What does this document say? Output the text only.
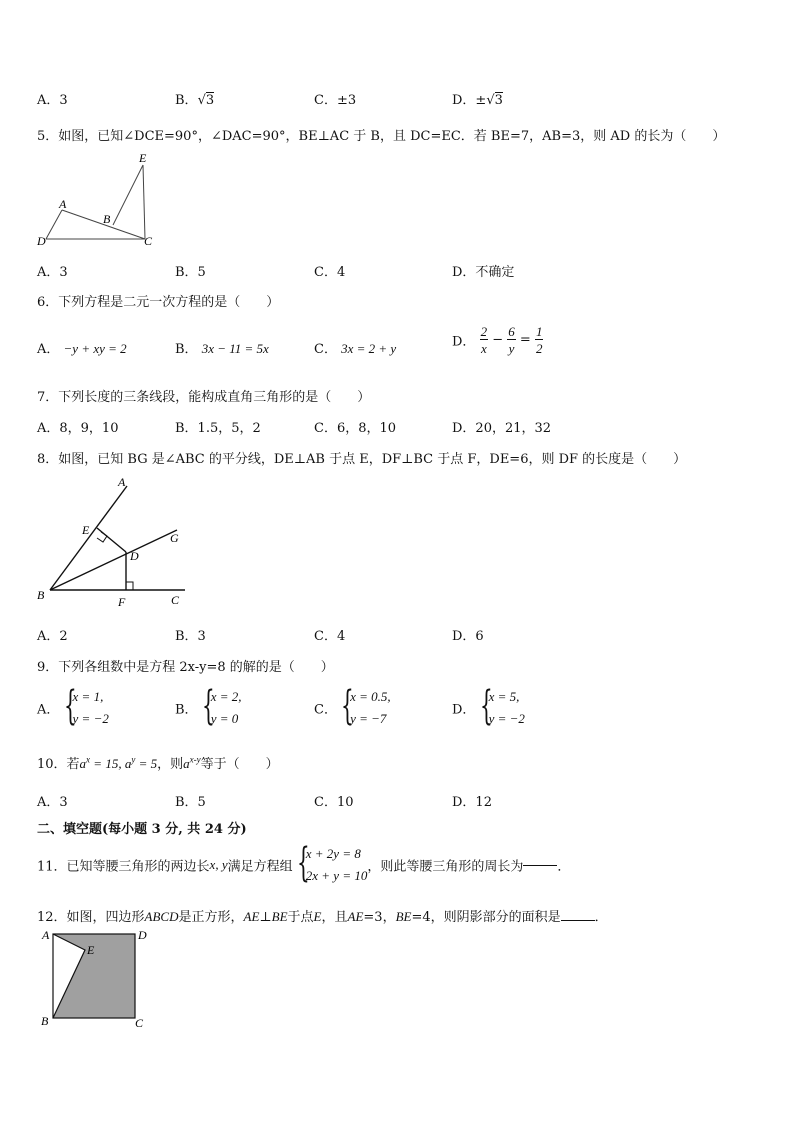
A．3	B．√3	C．±3	D．±√3
5．如图，已知∠DCE=90°，∠DAC=90°，BE⊥AC 于 B，且 DC=EC．若 BE=7，AB=3，则 AD 的长为（　　）
E
A
B
D	C
A．3	B．5	C．4	D．不确定
6．下列方程是二元一次方程的是（　　）
A． −y + xy = 2	B． 3x − 11 = 5x	C． 3x = 2 + y	D． $\frac{2}{x} - \frac{6}{y} = \frac{1}{2}$
7．下列长度的三条线段，能构成直角三角形的是（　　）
A．8，9，10	B．1.5，5，2	C．6，8，10	D．20，21，32
8．如图，已知 BG 是∠ABC 的平分线，DE⊥AB 于点 E，DF⊥BC 于点 F，DE=6，则 DF 的长度是（　　）
A
E
G
D
B	F	C
A．2	B．3	C．4	D．6
9．下列各组数中是方程 2x-y=8 的解的是（　　）
A． {
x = 1,
y = −2
B． {
x = 2,
y = 0
C． {
x = 0.5,
y = −7
D． {
x = 5,
y = −2
10．若$a^x = 15$, $a^y = 5$，则$a^{x-y}$等于（　　）
A．3	B．5	C．10	D．12
二、填空题(每小题 3 分, 共 24 分)
11．已知等腰三角形的两边长x, y满足方程组 {
x + 2y = 8
2x + y = 10
，则此等腰三角形的周长为	．
12．如图，四边形ABCD是正方形，AE⊥BE于点E，且AE=3，BE=4，则阴影部分的面积是	．
A	D
E
B	C
